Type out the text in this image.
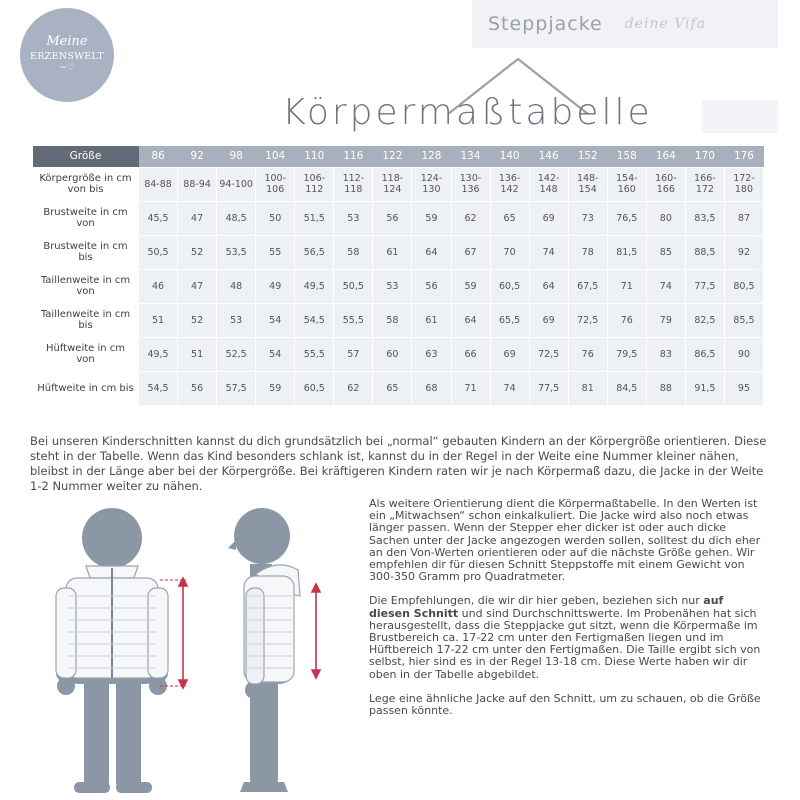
Meine
ERZENSWELT
~♡
Steppjacke deine Vifa
Körpermaßtabelle
Größe	86	92	98	104	110	116	122	128	134	140	146	152	158	164	170	176
Körpergröße in cm von bis	84-88	88-94	94-100	100-106	106-112	112-118	118-124	124-130	130-136	136-142	142-148	148-154	154-160	160-166	166-172	172-180
Brustweite in cm von	45,5	47	48,5	50	51,5	53	56	59	62	65	69	73	76,5	80	83,5	87
Brustweite in cm bis	50,5	52	53,5	55	56,5	58	61	64	67	70	74	78	81,5	85	88,5	92
Taillenweite in cm von	46	47	48	49	49,5	50,5	53	56	59	60,5	64	67,5	71	74	77,5	80,5
Taillenweite in cm bis	51	52	53	54	54,5	55,5	58	61	64	65,5	69	72,5	76	79	82,5	85,5
Hüftweite in cm von	49,5	51	52,5	54	55,5	57	60	63	66	69	72,5	76	79,5	83	86,5	90
Hüftweite in cm bis	54,5	56	57,5	59	60,5	62	65	68	71	74	77,5	81	84,5	88	91,5	95
Bei unseren Kinderschnitten kannst du dich grundsätzlich bei „normal“ gebauten Kindern an der Körpergröße orientieren. Diese steht in der Tabelle. Wenn das Kind besonders schlank ist, kannst du in der Regel in der Weite eine Nummer kleiner nähen, bleibst in der Länge aber bei der Körpergröße. Bei kräftigeren Kindern raten wir je nach Körpermaß dazu, die Jacke in der Weite 1-2 Nummer weiter zu nähen.

Als weitere Orientierung dient die Körpermaßtabelle. In den Werten ist ein „Mitwachsen“ schon einkalkuliert. Die Jacke wird also noch etwas länger passen. Wenn der Stepper eher dicker ist oder auch dicke Sachen unter der Jacke angezogen werden sollen, solltest du dich eher an den Von-Werten orientieren oder auf die nächste Größe gehen. Wir empfehlen dir für diesen Schnitt Steppstoffe mit einem Gewicht von 300-350 Gramm pro Quadratmeter.

Die Empfehlungen, die wir dir hier geben, beziehen sich nur auf diesen Schnitt und sind Durchschnittswerte. Im Probenähen hat sich herausgestellt, dass die Steppjacke gut sitzt, wenn die Körpermaße im Brustbereich ca. 17-22 cm unter den Fertigmaßen liegen und im Hüftbereich 17-22 cm unter den Fertigmaßen. Die Taille ergibt sich von selbst, hier sind es in der Regel 13-18 cm. Diese Werte haben wir dir oben in der Tabelle abgebildet.

Lege eine ähnliche Jacke auf den Schnitt, um zu schauen, ob die Größe passen könnte.
